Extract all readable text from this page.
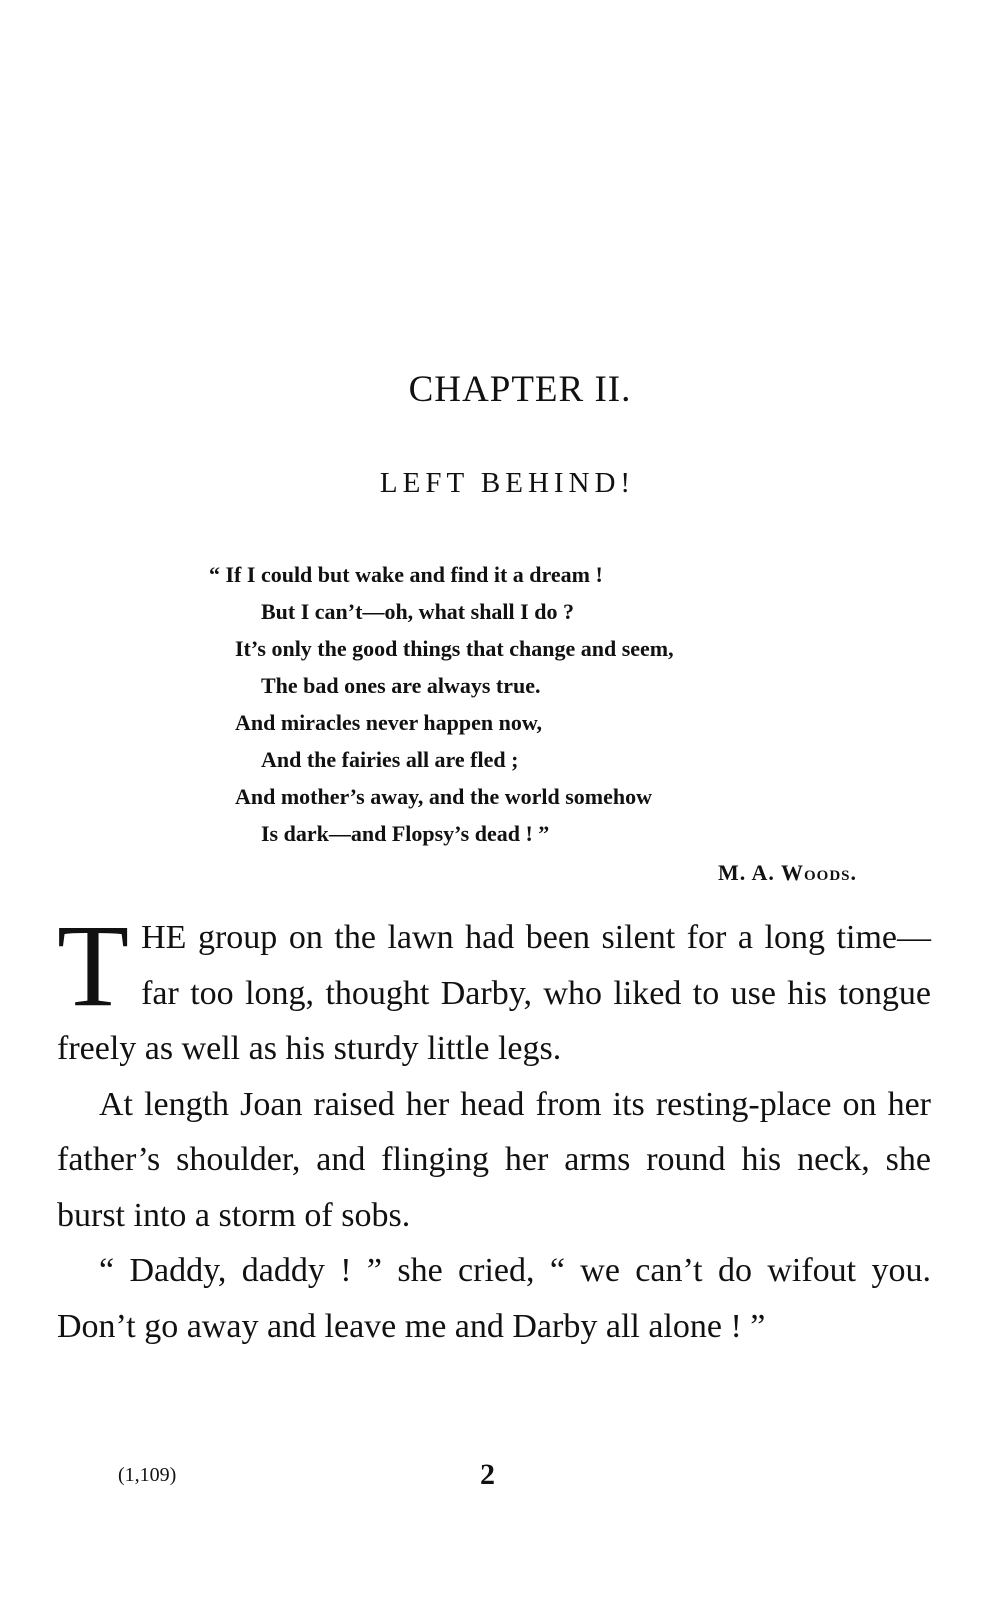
CHAPTER II.
LEFT BEHIND!
“ If I could but wake and find it a dream !
But I can’t—oh, what shall I do ?
It’s only the good things that change and seem,
The bad ones are always true.
And miracles never happen now,
And the fairies all are fled ;
And mother’s away, and the world somehow
Is dark—and Flopsy’s dead ! ”
M. A. Woods.

THE group on the lawn had been silent for a long time—far too long, thought Darby, who liked to use his tongue freely as well as his sturdy little legs.

At length Joan raised her head from its resting-place on her father’s shoulder, and flinging her arms round his neck, she burst into a storm of sobs.

“ Daddy, daddy ! ” she cried, “ we can’t do wifout you. Don’t go away and leave me and Darby all alone ! ”

(1,109)	2
